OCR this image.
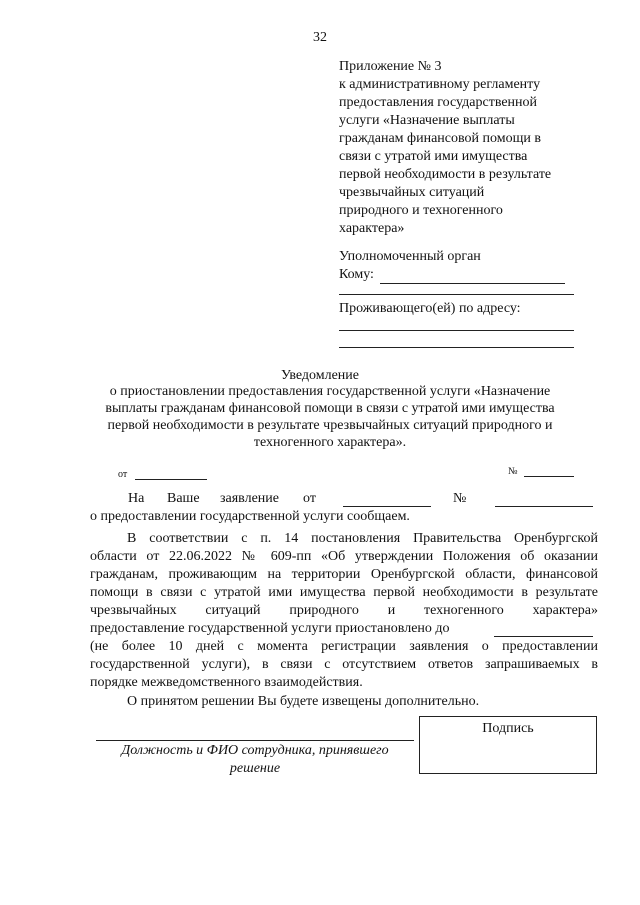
32
Приложение № 3
к административному регламенту
предоставления государственной
услуги «Назначение выплаты
гражданам финансовой помощи в
связи с утратой ими имущества
первой необходимости в результате
чрезвычайных ситуаций
природного и техногенного
характера»
Уполномоченный орган
Кому:
Проживающего(ей) по адресу:
Уведомление
о приостановлении предоставления государственной услуги «Назначение
выплаты гражданам финансовой помощи в связи с утратой ими имущества
первой необходимости в результате чрезвычайных ситуаций природного и
техногенного характера».
от	№
На Ваше заявление от	№
о предоставлении государственной услуги сообщаем.
В соответствии с п. 14 постановления Правительства Оренбургской
области от 22.06.2022 № 609-пп «Об утверждении Положения об оказании
гражданам, проживающим на территории Оренбургской области, финансовой
помощи в связи с утратой ими имущества первой необходимости в результате
чрезвычайных ситуаций природного и техногенного характера»
предоставление государственной услуги приостановлено до
(не более 10 дней с момента регистрации заявления о предоставлении
государственной услуги), в связи с отсутствием ответов запрашиваемых в
порядке межведомственного взаимодействия.
О принятом решении Вы будете извещены дополнительно.
Должность и ФИО сотрудника, принявшего
решение
Подпись
